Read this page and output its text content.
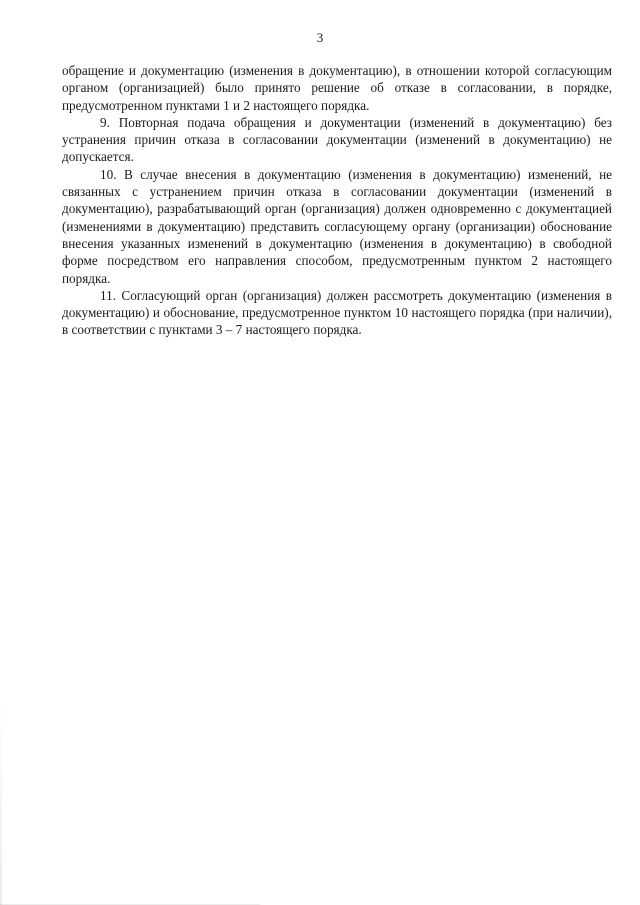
3

обращение и документацию (изменения в документацию), в отношении которой согласующим органом (организацией) было принято решение об отказе в согласовании, в порядке, предусмотренном пунктами 1 и 2 настоящего порядка.

9. Повторная подача обращения и документации (изменений в документацию) без устранения причин отказа в согласовании документации (изменений в документацию) не допускается.

10. В случае внесения в документацию (изменения в документацию) изменений, не связанных с устранением причин отказа в согласовании документации (изменений в документацию), разрабатывающий орган (организация) должен одновременно с документацией (изменениями в документацию) представить согласующему органу (организации) обоснование внесения указанных изменений в документацию (изменения в документацию) в свободной форме посредством его направления способом, предусмотренным пунктом 2 настоящего порядка.

11. Согласующий орган (организация) должен рассмотреть документацию (изменения в документацию) и обоснование, предусмотренное пунктом 10 настоящего порядка (при наличии), в соответствии с пунктами 3 – 7 настоящего порядка.
